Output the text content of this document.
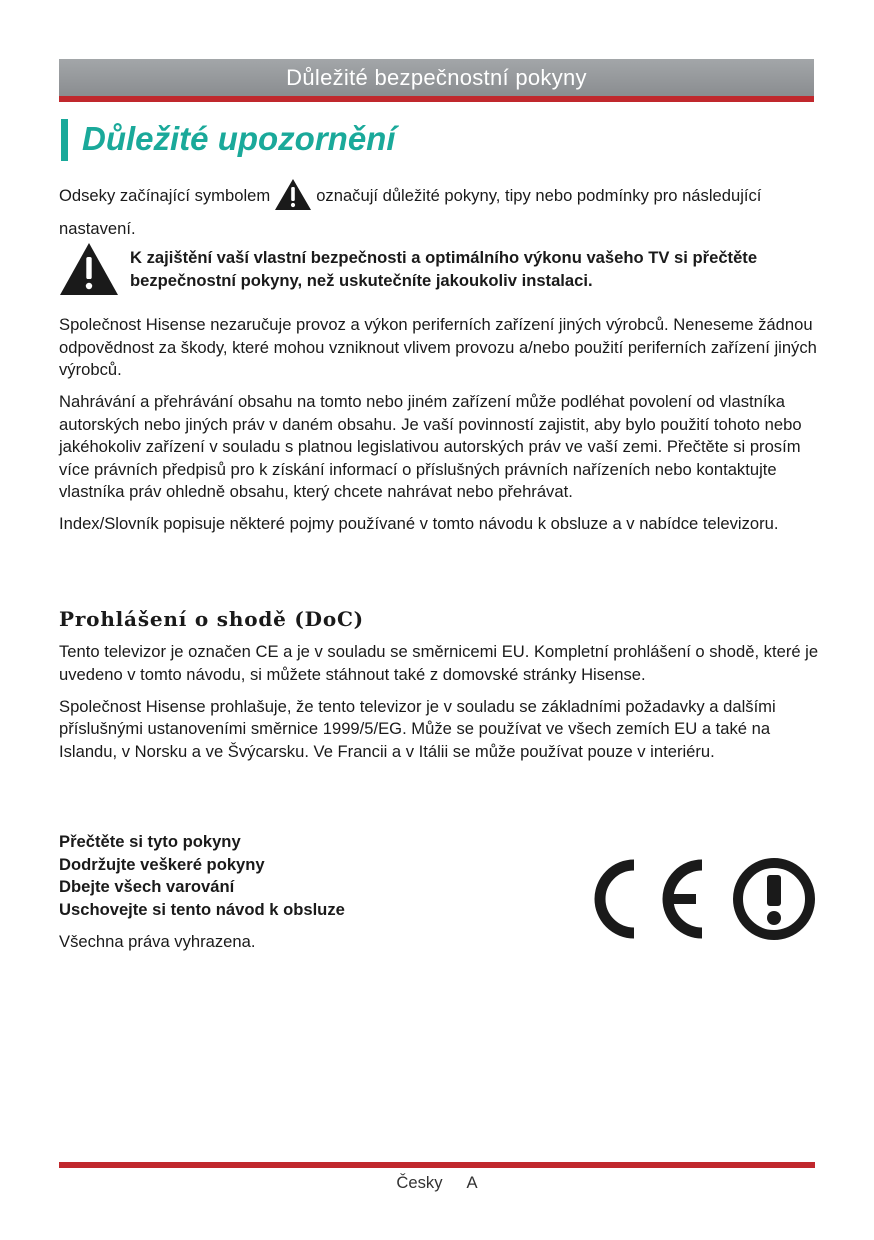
Důležité bezpečnostní pokyny
Důležité upozornění

Odseky začínající symbolem	označují důležité pokyny, tipy nebo podmínky pro následující nastavení.

K zajištění vaší vlastní bezpečnosti a optimálního výkonu vašeho TV si přečtěte bezpečnostní pokyny, než uskutečníte jakoukoliv instalaci.

Společnost Hisense nezaručuje provoz a výkon periferních zařízení jiných výrobců. Neneseme žádnou odpovědnost za škody, které mohou vzniknout vlivem provozu a/nebo použití periferních zařízení jiných výrobců.

Nahrávání a přehrávání obsahu na tomto nebo jiném zařízení může podléhat povolení od vlastníka autorských nebo jiných práv v daném obsahu. Je vaší povinností zajistit, aby bylo použití tohoto nebo jakéhokoliv zařízení v souladu s platnou legislativou autorských práv ve vaší zemi. Přečtěte si prosím více právních předpisů pro k získání informací o příslušných právních nařízeních nebo kontaktujte vlastníka práv ohledně obsahu, který chcete nahrávat nebo přehrávat.

Index/Slovník popisuje některé pojmy používané v tomto návodu k obsluze a v nabídce televizoru.

Prohlášení o shodě (DoC)

Tento televizor je označen CE a je v souladu se směrnicemi EU. Kompletní prohlášení o shodě, které je uvedeno v tomto návodu, si můžete stáhnout také z domovské stránky Hisense.

Společnost Hisense prohlašuje, že tento televizor je v souladu se základními požadavky a dalšími příslušnými ustanoveními směrnice 1999/5/EG. Může se používat ve všech zemích EU a také na Islandu, v Norsku a ve Švýcarsku. Ve Francii a v Itálii se může používat pouze v interiéru.

Přečtěte si tyto pokyny
Dodržujte veškeré pokyny
Dbejte všech varování
Uschovejte si tento návod k obsluze

Všechna práva vyhrazena.

Česky A
